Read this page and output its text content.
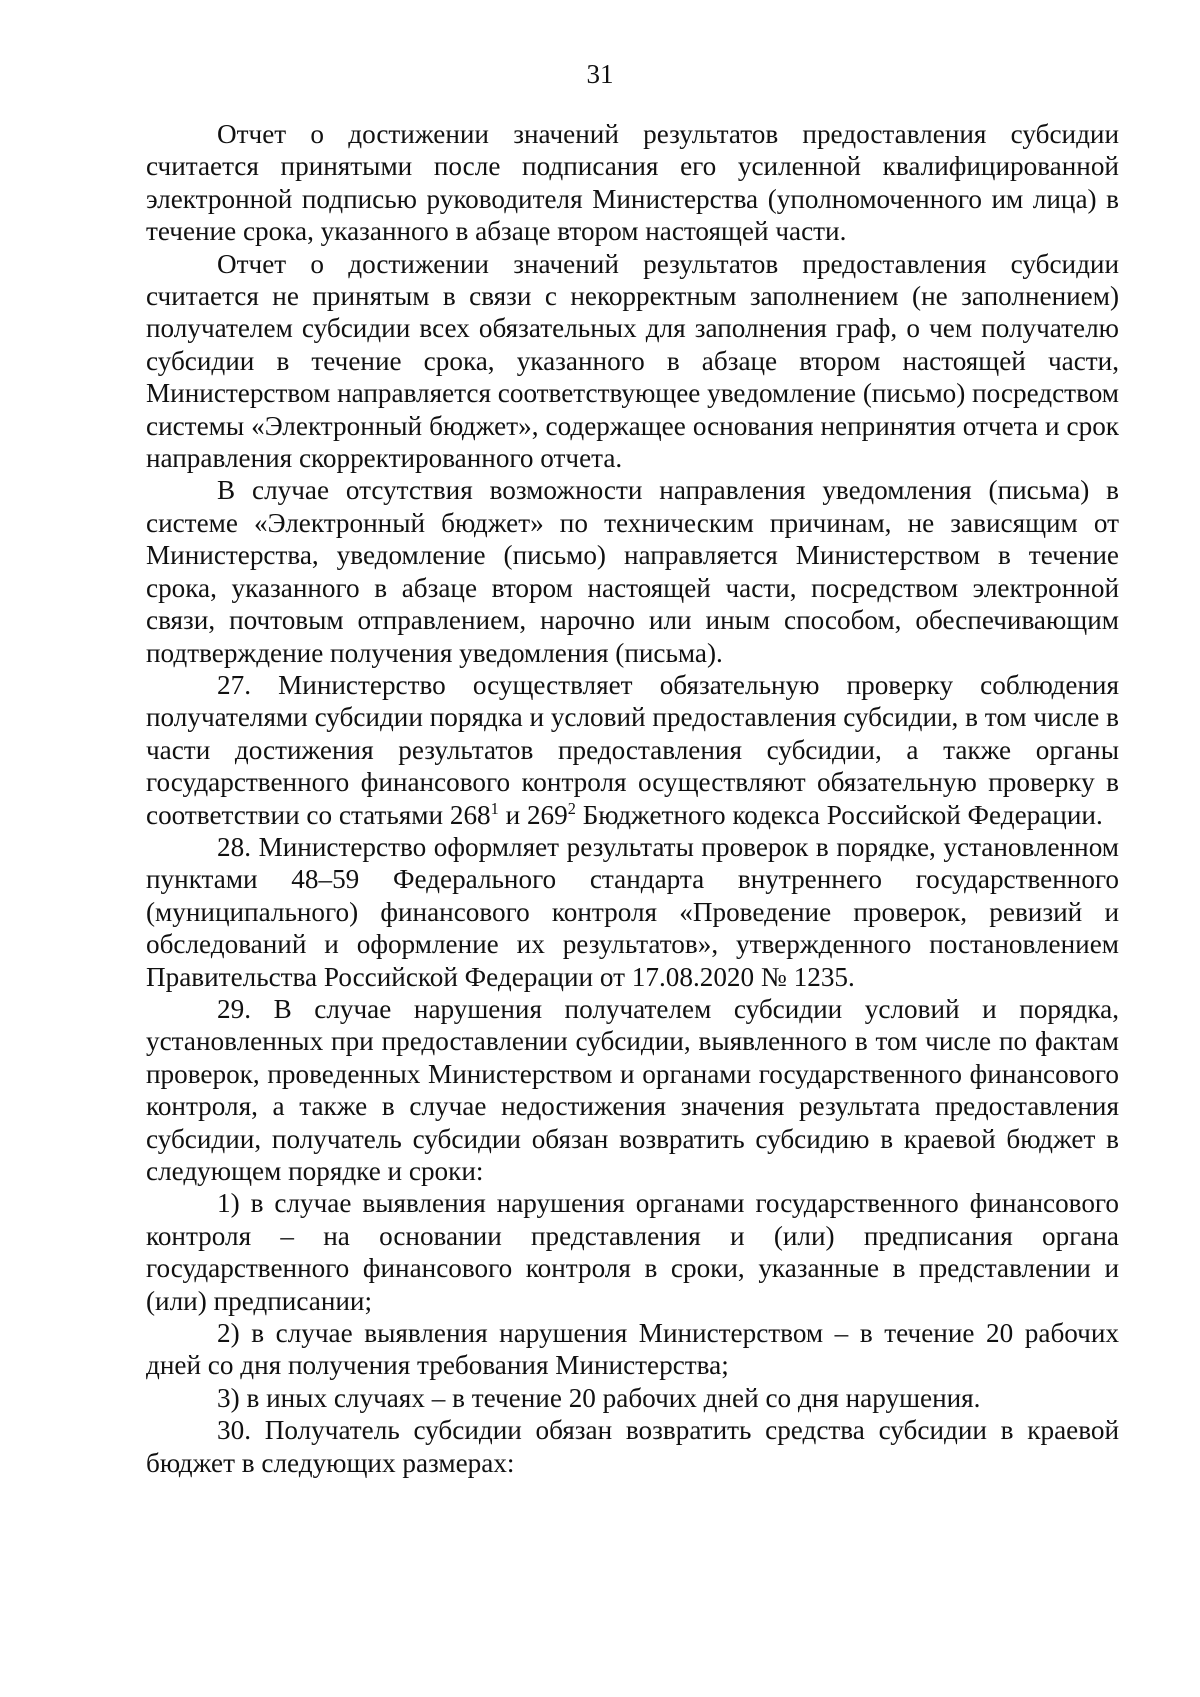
31

Отчет о достижении значений результатов предоставления субсидии считается принятыми после подписания его усиленной квалифицированной электронной подписью руководителя Министерства (уполномоченного им лица) в течение срока, указанного в абзаце втором настоящей части.

Отчет о достижении значений результатов предоставления субсидии считается не принятым в связи с некорректным заполнением (не заполнением) получателем субсидии всех обязательных для заполнения граф, о чем получателю субсидии в течение срока, указанного в абзаце втором настоящей части, Министерством направляется соответствующее уведомление (письмо) посредством системы «Электронный бюджет», содержащее основания непринятия отчета и срок направления скорректированного отчета.

В случае отсутствия возможности направления уведомления (письма) в системе «Электронный бюджет» по техническим причинам, не зависящим от Министерства, уведомление (письмо) направляется Министерством в течение срока, указанного в абзаце втором настоящей части, посредством электронной связи, почтовым отправлением, нарочно или иным способом, обеспечивающим подтверждение получения уведомления (письма).

27. Министерство осуществляет обязательную проверку соблюдения получателями субсидии порядка и условий предоставления субсидии, в том числе в части достижения результатов предоставления субсидии, а также органы государственного финансового контроля осуществляют обязательную проверку в соответствии со статьями $268^1$ и $269^2$ Бюджетного кодекса Российской Федерации.

28. Министерство оформляет результаты проверок в порядке, установленном пунктами 48–59 Федерального стандарта внутреннего государственного (муниципального) финансового контроля «Проведение проверок, ревизий и обследований и оформление их результатов», утвержденного постановлением Правительства Российской Федерации от 17.08.2020 № 1235.

29. В случае нарушения получателем субсидии условий и порядка, установленных при предоставлении субсидии, выявленного в том числе по фактам проверок, проведенных Министерством и органами государственного финансового контроля, а также в случае недостижения значения результата предоставления субсидии, получатель субсидии обязан возвратить субсидию в краевой бюджет в следующем порядке и сроки:

1) в случае выявления нарушения органами государственного финансового контроля – на основании представления и (или) предписания органа государственного финансового контроля в сроки, указанные в представлении и (или) предписании;

2) в случае выявления нарушения Министерством – в течение 20 рабочих дней со дня получения требования Министерства;

3) в иных случаях – в течение 20 рабочих дней со дня нарушения.

30. Получатель субсидии обязан возвратить средства субсидии в краевой бюджет в следующих размерах:
